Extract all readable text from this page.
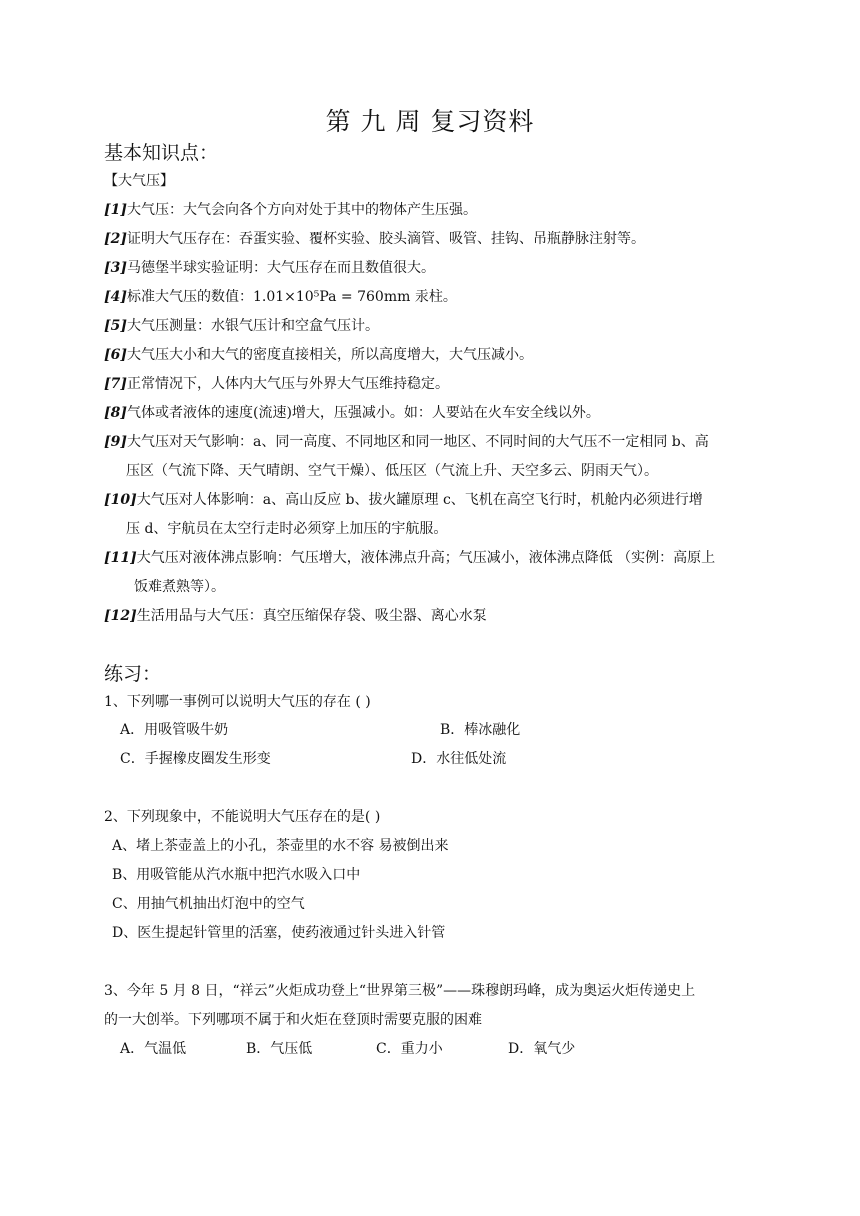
第 九 周 复习资料
基本知识点：
【大气压】
[1]大气压：大气会向各个方向对处于其中的物体产生压强。
[2]证明大气压存在：吞蛋实验、覆杯实验、胶头滴管、吸管、挂钩、吊瓶静脉注射等。
[3]马德堡半球实验证明：大气压存在而且数值很大。
[4]标准大气压的数值：1.01×10⁵Pa = 760mm 汞柱。
[5]大气压测量：水银气压计和空盒气压计。
[6]大气压大小和大气的密度直接相关，所以高度增大，大气压减小。
[7]正常情况下，人体内大气压与外界大气压维持稳定。
[8]气体或者液体的速度(流速)增大，压强减小。如：人要站在火车安全线以外。
[9]大气压对天气影响：a、同一高度、不同地区和同一地区、不同时间的大气压不一定相同 b、高
压区（气流下降、天气晴朗、空气干燥）、低压区（气流上升、天空多云、阴雨天气）。
[10]大气压对人体影响：a、高山反应 b、拔火罐原理 c、飞机在高空飞行时，机舱内必须进行增
压 d、宇航员在太空行走时必须穿上加压的宇航服。
[11]大气压对液体沸点影响：气压增大，液体沸点升高；气压减小，液体沸点降低 （实例：高原上
饭难煮熟等）。
[12]生活用品与大气压：真空压缩保存袋、吸尘器、离心水泵
练习：
1、下列哪一事例可以说明大气压的存在 ( )
A．用吸管吸牛奶	B．棒冰融化
C．手握橡皮圈发生形变	D．水往低处流
2、下列现象中，不能说明大气压存在的是( )
A、堵上茶壶盖上的小孔，茶壶里的水不容 易被倒出来
B、用吸管能从汽水瓶中把汽水吸入口中
C、用抽气机抽出灯泡中的空气
D、医生提起针管里的活塞，使药液通过针头进入针管
3、今年 5 月 8 日，“祥云”火炬成功登上“世界第三极”——珠穆朗玛峰，成为奥运火炬传递史上
的一大创举。下列哪项不属于和火炬在登顶时需要克服的困难
A．气温低	B．气压低	C．重力小	D．氧气少
